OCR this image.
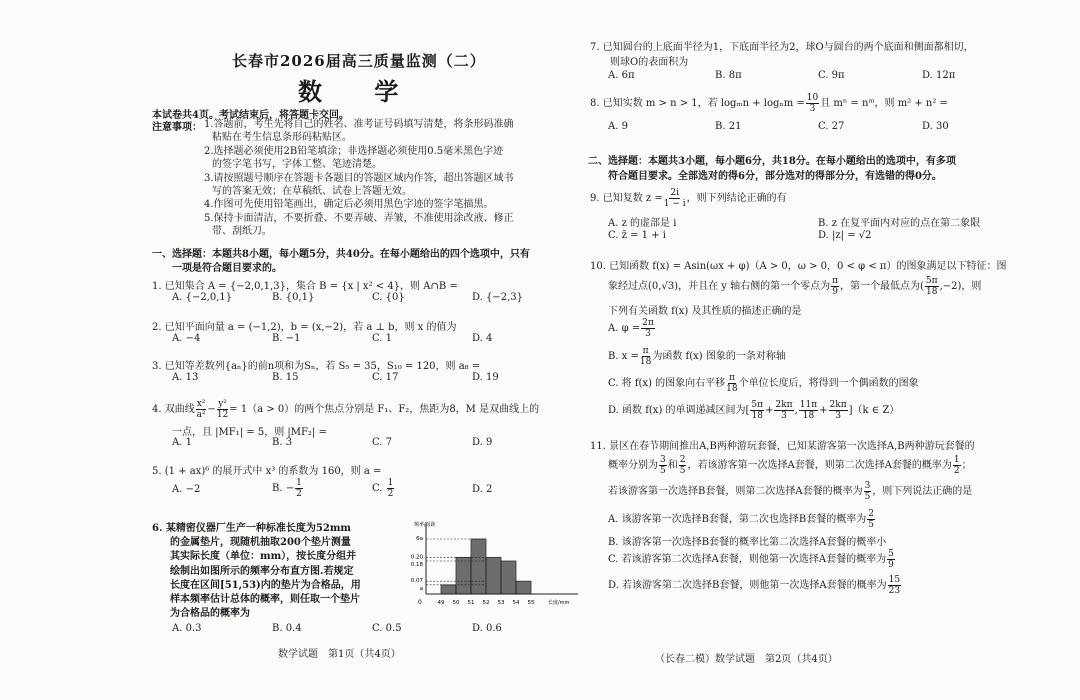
长春市2026届高三质量监测（二）
数 学
本试卷共4页。考试结束后，将答题卡交回。
注意事项： 1.答题前，考生先将自己的姓名、准考证号码填写清楚，将条形码准确
粘贴在考生信息条形码粘贴区。
2.选择题必须使用2B铅笔填涂；非选择题必须使用0.5毫米黑色字迹
的签字笔书写，字体工整、笔迹清楚。
3.请按照题号顺序在答题卡各题目的答题区域内作答，超出答题区域书
写的答案无效；在草稿纸、试卷上答题无效。
4.作图可先使用铅笔画出，确定后必须用黑色字迹的签字笔描黑。
5.保持卡面清洁，不要折叠、不要弄破、弄皱，不准使用涂改液、修正
带、刮纸刀。
一、选择题：本题共8小题，每小题5分，共40分。在每小题给出的四个选项中，只有
一项是符合题目要求的。
1. 已知集合 A = {−2,0,1,3}，集合 B = {x | x² < 4}，则 A∩B =
A. {−2,0,1}	B. {0,1}	C. {0}	D. {−2,3}
2. 已知平面向量 a = (−1,2)，b = (x,−2)，若 a ⊥ b，则 x 的值为
A. −4	B. −1	C. 1	D. 4
3. 已知等差数列{aₙ}的前n项和为Sₙ，若 S₅ = 35，S₁₀ = 120，则 a₈ =
A. 13	B. 15	C. 17	D. 19
4. 双曲线 $\frac{\text{x²}}{\text{a²}} - \frac{\text{y²}}{12} = 1(a > 0)$的两个焦点分别是 F₁、F₂，焦距为8，M 是双曲线上的
一点，且 |MF₁| = 5，则 |MF₂| =
A. 1	B. 3	C. 7	D. 9
5. (1 + ax)⁶ 的展开式中 x³ 的系数为 160，则 a =
A. −2	B. − $\frac{1}{2}$	C. $\frac{1}{2}$	D. 2
6. 某精密仪器厂生产一种标准长度为52mm
的金属垫片，现随机抽取200个垫片测量
其实际长度（单位：mm），按长度分组并
绘制出如图所示的频率分布直方图.若规定
长度在区间[51,53)内的垫片为合格品，用
样本频率估计总体的概率，则任取一个垫片
为合格品的概率为
A. 0.3	B. 0.4	C. 0.5	D. 0.6
频率/组距
长度/mm
0
6a
0.20
0.18
0.07
a
49 50 51 52 53 54 55
数学试题　第1页（共4页）
7. 已知圆台的上底面半径为1，下底面半径为2，球O与圆台的两个底面和侧面都相切，
则球O的表面积为
A. 6π	B. 8π	C. 9π	D. 12π
8. 已知实数 m > n > 1，若 $\log_mn + \log_nm = \frac{10}{3}$ 且 mⁿ = nᵐ，则 m² + n² =
A. 9	B. 21	C. 27	D. 30
二、选择题：本题共3小题，每小题6分，共18分。在每小题给出的选项中，有多项
符合题目要求。全部选对的得6分，部分选对的得部分分，有选错的得0分。
9. 已知复数 $z = \frac{2i}{1 - i}$ ，则下列结论正确的有
A. z 的虚部是 i	B. z 在复平面内对应的点在第二象限
C. z̄ = 1 + i	D. |z| = √2
10. 已知函数 f(x) = Asin(ωx + φ)（A > 0，ω > 0，0 < φ < π）的图象满足以下特征：图
象经过点(0,√3)，并且在 y 轴右侧的第一个零点为 $\frac{\pi}{9}$ ，第一个最低点为( $\frac{5\pi}{18} ,-2$)，则
下列有关函数 f(x) 及其性质的描述正确的是
A. $\varphi = \frac{2\pi}{3}$
B. $x = \frac{\pi}{18}$ 为函数 f(x) 图象的一条对称轴
C. 将 f(x) 的图象向右平移 $\frac{\pi}{18}$ 个单位长度后，将得到一个偶函数的图象
D. 函数 f(x) 的单调递减区间为[ $\frac{5\pi}{18} + \frac{2k\pi}{3}$ , $\frac{11\pi}{18} + \frac{2k\pi}{3} ](k$ ∈ Z）
11. 景区在春节期间推出A,B两种游玩套餐，已知某游客第一次选择A,B两种游玩套餐的
概率分别为 $\frac{3}{5}$ 和 $\frac{2}{5}$ ，若该游客第一次选择A套餐，则第二次选择A套餐的概率为 $\frac{1}{2}$ ；
若该游客第一次选择B套餐，则第二次选择A套餐的概率为 $\frac{3}{5}$ ，则下列说法正确的是
A. 该游客第一次选择B套餐，第二次也选择B套餐的概率为 $\frac{2}{5}$
B. 该游客第一次选择B套餐的概率比第二次选择A套餐的概率小
C. 若该游客第二次选择A套餐，则他第一次选择A套餐的概率为 $\frac{5}{9}$
D. 若该游客第二次选择B套餐，则他第一次选择A套餐的概率为 $\frac{15}{23}$
（长春二模）数学试题　第2页（共4页）
